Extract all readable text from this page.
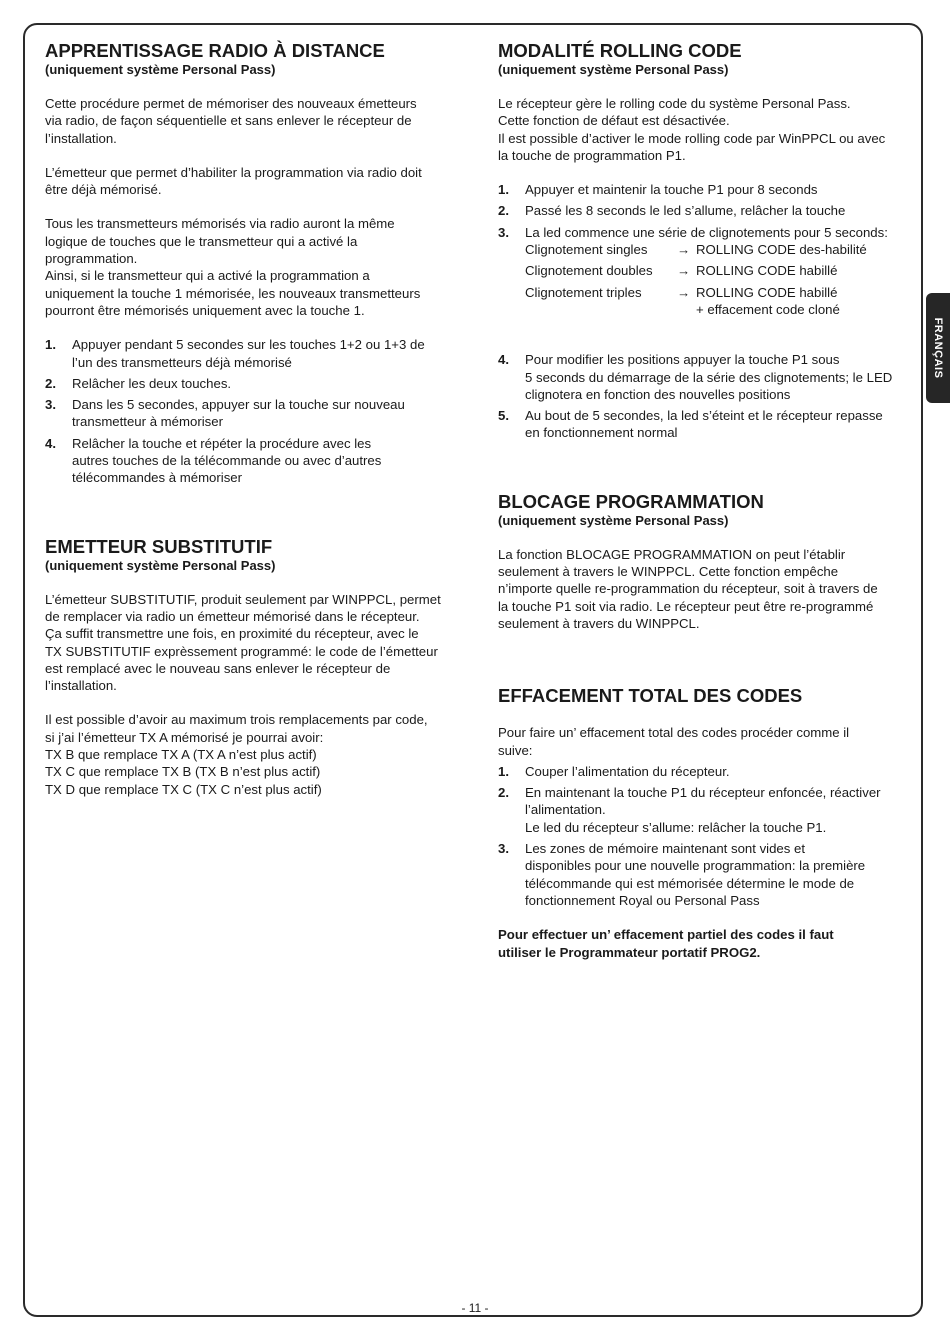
FRANÇAIS
APPRENTISSAGE RADIO À DISTANCE
(uniquement système Personal Pass)

Cette procédure permet de mémoriser des nouveaux émetteurs
via radio, de façon séquentielle et sans enlever le récepteur de
l’installation.

L’émetteur que permet d’habiliter la programmation via radio doit
être déjà mémorisé.

Tous les transmetteurs mémorisés via radio auront la même
logique de touches que le transmetteur qui a activé la
programmation.
Ainsi, si le transmetteur qui a activé la programmation a
uniquement la touche 1 mémorisée, les nouveaux transmetteurs
pourront être mémorisés uniquement avec la touche 1.

1. Appuyer pendant 5 secondes sur les touches 1+2 ou 1+3 de
l’un des transmetteurs déjà mémorisé
2. Relâcher les deux touches.
3. Dans les 5 secondes, appuyer sur la touche sur nouveau
transmetteur à mémoriser
4. Relâcher la touche et répéter la procédure avec les
autres touches de la télécommande ou avec d’autres
télécommandes à mémoriser
EMETTEUR SUBSTITUTIF
(uniquement système Personal Pass)

L’émetteur SUBSTITUTIF, produit seulement par WINPPCL, permet
de remplacer via radio un émetteur mémorisé dans le récepteur.
Ça suffit transmettre une fois, en proximité du récepteur, avec le
TX SUBSTITUTIF exprèssement programmé: le code de l’émetteur
est remplacé avec le nouveau sans enlever le récepteur de
l’installation.

Il est possible d’avoir au maximum trois remplacements par code,
si j’ai l’émetteur TX A mémorisé je pourrai avoir:
TX B que remplace TX A (TX A n’est plus actif)
TX C que remplace TX B (TX B n’est plus actif)
TX D que remplace TX C (TX C n’est plus actif)

MODALITÉ ROLLING CODE
(uniquement système Personal Pass)

Le récepteur gère le rolling code du système Personal Pass.
Cette fonction de défaut est désactivée.
Il est possible d’activer le mode rolling code par WinPPCL ou avec
la touche de programmation P1.

1. Appuyer et maintenir la touche P1 pour 8 seconds
2. Passé les 8 seconds le led s’allume, relâcher la touche
3. La led commence une série de clignotements pour 5 seconds:
Clignotement singles	→ ROLLING CODE des-habilité
Clignotement doubles	→ ROLLING CODE habillé
Clignotement triples	→ ROLLING CODE habillé
+ effacement code cloné
4. Pour modifier les positions appuyer la touche P1 sous
5 seconds du démarrage de la série des clignotements; le LED
clignotera en fonction des nouvelles positions
5. Au bout de 5 secondes, la led s’éteint et le récepteur repasse
en fonctionnement normal
BLOCAGE PROGRAMMATION
(uniquement système Personal Pass)

La fonction BLOCAGE PROGRAMMATION on peut l’établir
seulement à travers le WINPPCL. Cette fonction empêche
n’importe quelle re-programmation du récepteur, soit à travers de
la touche P1 soit via radio. Le récepteur peut être re-programmé
seulement à travers du WINPPCL.

EFFACEMENT TOTAL DES CODES

Pour faire un’ effacement total des codes procéder comme il
suive:

1. Couper l’alimentation du récepteur.
2. En maintenant la touche P1 du récepteur enfoncée, réactiver
l’alimentation.
Le led du récepteur s’allume: relâcher la touche P1.
3. Les zones de mémoire maintenant sont vides et
disponibles pour une nouvelle programmation: la première
télécommande qui est mémorisée détermine le mode de
fonctionnement Royal ou Personal Pass

Pour effectuer un’ effacement partiel des codes il faut
utiliser le Programmateur portatif PROG2.

- 11 -
